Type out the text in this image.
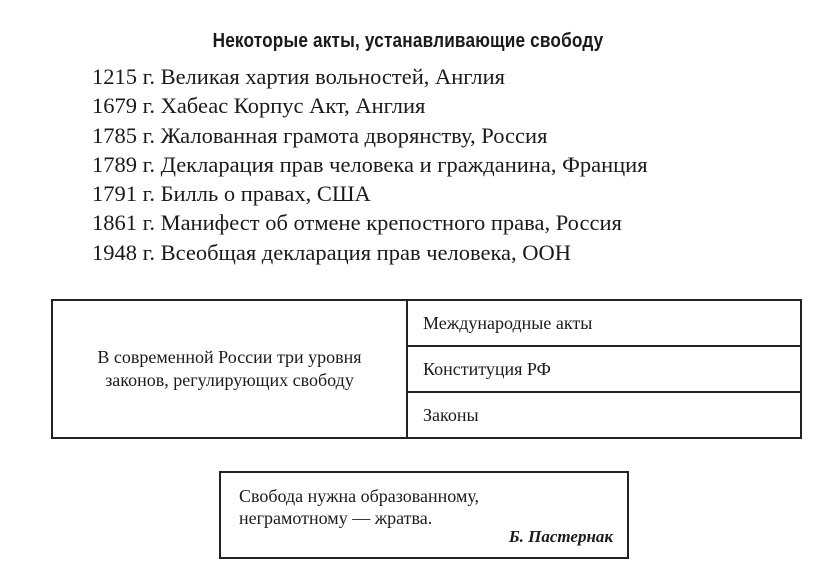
Некоторые акты, устанавливающие свободу
1215 г. Великая хартия вольностей, Англия
1679 г. Хабеас Корпус Акт, Англия
1785 г. Жалованная грамота дворянству, Россия
1789 г. Декларация прав человека и гражданина, Франция
1791 г. Билль о правах, США
1861 г. Манифест об отмене крепостного права, Россия
1948 г. Всеобщая декларация прав человека, ООН
В современной России три уровня
законов, регулирующих свободу
Международные акты
Конституция РФ
Законы
Свобода нужна образованному,
неграмотному — жратва.
Б. Пастернак
